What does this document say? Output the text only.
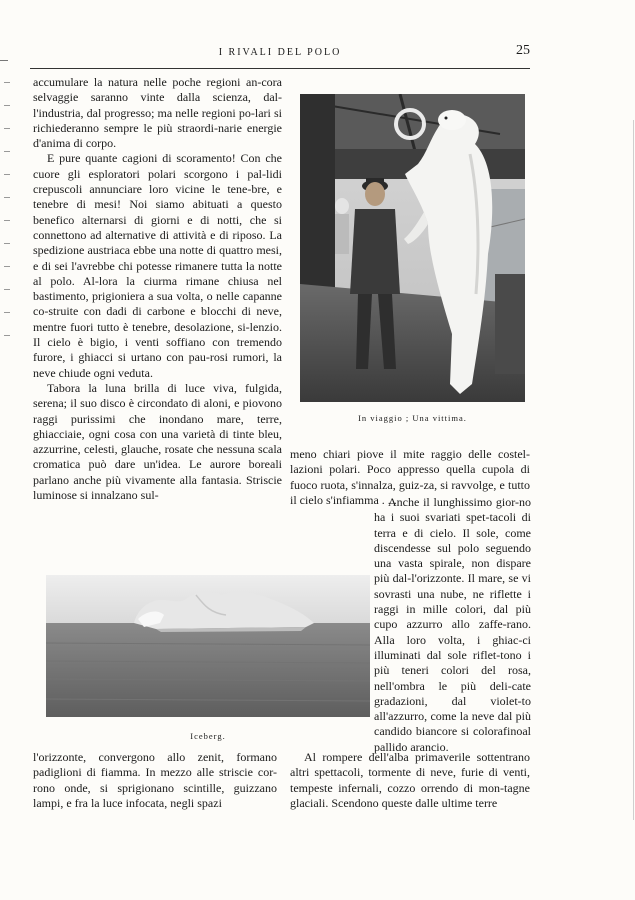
I RIVALI DEL POLO	25

accumulare la natura nelle poche regioni an-cora selvaggie saranno vinte dalla scienza, dal-l'industria, dal progresso; ma nelle regioni po-lari si richiederanno sempre le più straordi-narie energie d'anima di corpo.

E pure quante cagioni di scoramento! Con che cuore gli esploratori polari scorgono i pal-lidi crepuscoli annunciare loro vicine le tene-bre, e tenebre di mesi! Noi siamo abituati a questo benefico alternarsi di giorni e di notti, che si connettono ad alternative di attività e di riposo. La spedizione austriaca ebbe una notte di quattro mesi, e di sei l'avrebbe chi potesse rimanere tutta la notte al polo. Al-lora la ciurma rimane chiusa nel bastimento, prigioniera a sua volta, o nelle capanne co-struite con dadi di carbone e blocchi di neve, mentre fuori tutto è tenebre, desolazione, si-lenzio. Il cielo è bigio, i venti soffiano con tremendo furore, i ghiacci si urtano con pau-rosi rumori, la neve chiude ogni veduta.

Tabora la luna brilla di luce viva, fulgida, serena; il suo disco è circondato di aloni, e piovono raggi purissimi che inondano mare, terre, ghiacciaie, ogni cosa con una varietà di tinte bleu, azzurrine, celesti, glauche, rosate che nessuna scala cromatica può dare un'idea. Le aurore boreali parlano anche più vivamente alla fantasia. Striscie luminose si innalzano sul-

In viaggio ; Una vittima.

meno chiari piove il mite raggio delle costel-lazioni polari. Poco appresso quella cupola di fuoco ruota, s'innalza, guiz-za, si ravvolge, e tutto il cielo s'infiamma . . .

Anche il lunghissimo gior-no ha i suoi svariati spet-tacoli di terra e di cielo. Il sole, come discendesse sul polo seguendo una vasta spirale, non dispare più dal-l'orizzonte. Il mare, se vi sovrasti una nube, ne riflette i raggi in mille colori, dal più cupo azzurro allo zaffe-rano. Alla loro volta, i ghiac-ci illuminati dal sole riflet-tono i più teneri colori del rosa, nell'ombra le più deli-cate gradazioni, dal violet-to all'azzurro, come la neve dal più candido biancore si colorafinoal pallido arancio.

Iceberg.

l'orizzonte, convergono allo zenit, formano padiglioni di fiamma. In mezzo alle striscie cor-rono onde, si sprigionano scintille, guizzano lampi, e fra la luce infocata, negli spazi

Al rompere dell'alba primaverile sottentrano altri spettacoli, tormente di neve, furie di venti, tempeste infernali, cozzo orrendo di mon-tagne glaciali. Scendono queste dalle ultime terre
